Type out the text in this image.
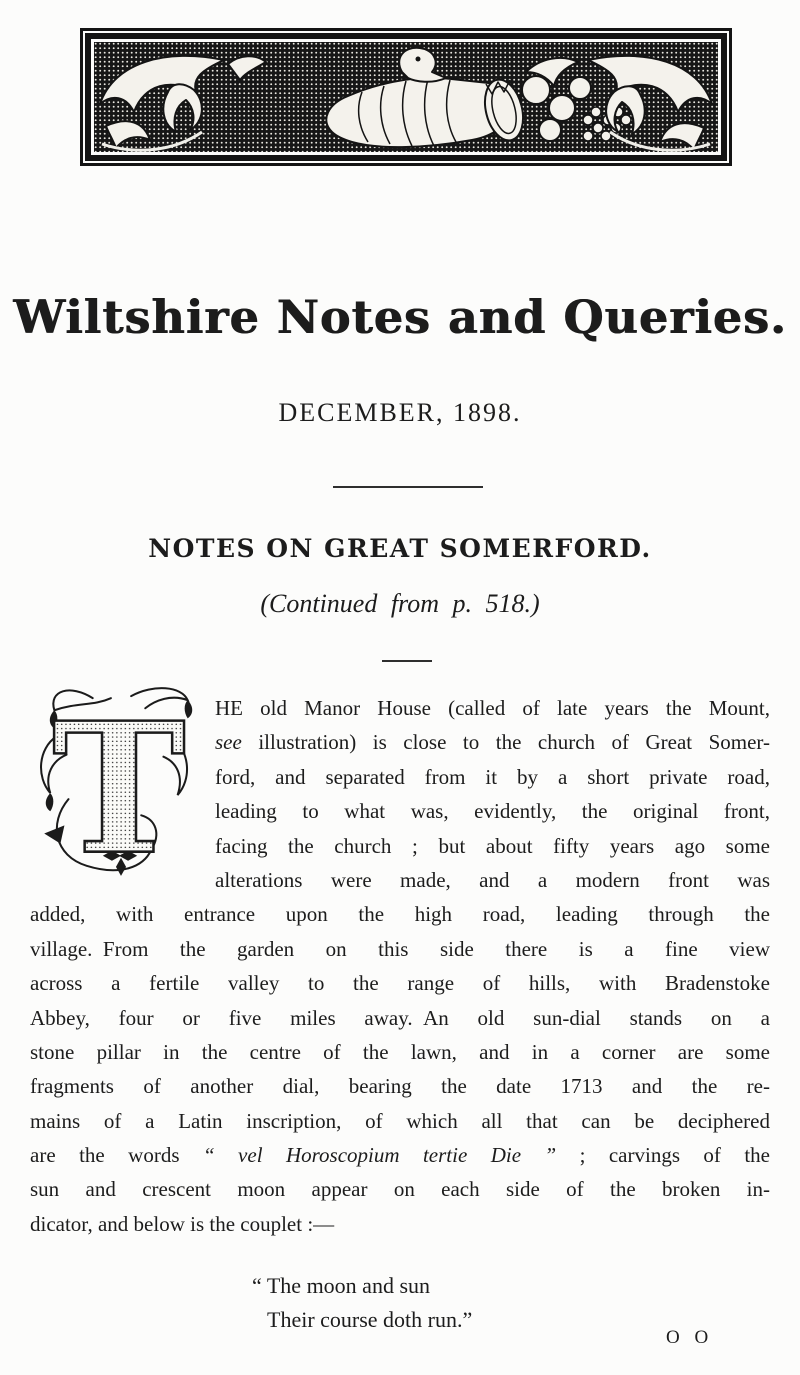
Wiltshire Notes and Queries.
DECEMBER, 1898.
NOTES ON GREAT SOMERFORD.
(Continued from p. 518.)
T HE old Manor House (called of late years the Mount,
see illustration) is close to the church of Great Somer-
ford, and separated from it by a short private road,
leading to what was, evidently, the original front,
facing the church ; but about fifty years ago some
alterations were made, and a modern front was
added, with entrance upon the high road, leading through the
village. From the garden on this side there is a fine view
across a fertile valley to the range of hills, with Bradenstoke
Abbey, four or five miles away. An old sun-dial stands on a
stone pillar in the centre of the lawn, and in a corner are some
fragments of another dial, bearing the date 1713 and the re-
mains of a Latin inscription, of which all that can be deciphered
are the words “ vel Horoscopium tertie Die ” ; carvings of the
sun and crescent moon appear on each side of the broken in-
dicator, and below is the couplet :—
“ The moon and sun
Their course doth run.”
O O
